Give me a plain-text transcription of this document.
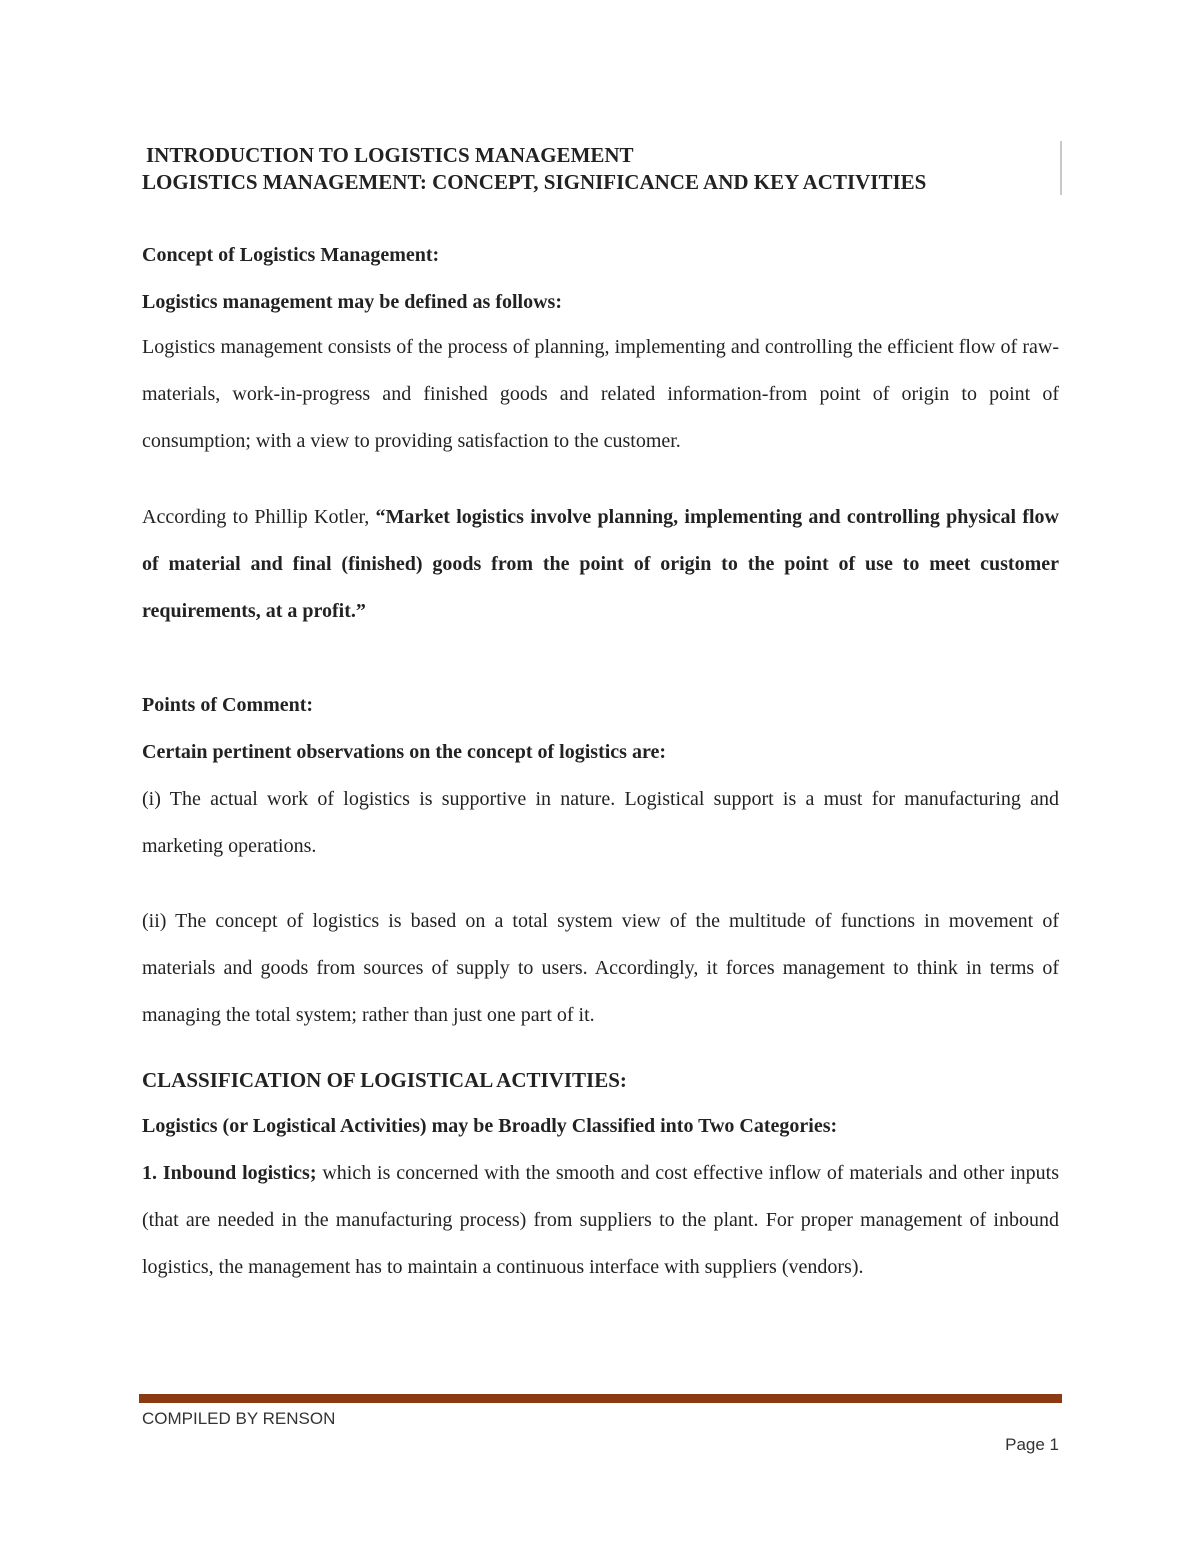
INTRODUCTION TO LOGISTICS MANAGEMENT

LOGISTICS MANAGEMENT: CONCEPT, SIGNIFICANCE AND KEY ACTIVITIES

Concept of Logistics Management:

Logistics management may be defined as follows:

Logistics management consists of the process of planning, implementing and controlling the efficient flow of raw-materials, work-in-progress and finished goods and related information-from point of origin to point of consumption; with a view to providing satisfaction to the customer.

According to Phillip Kotler, “Market logistics involve planning, implementing and controlling physical flow of material and final (finished) goods from the point of origin to the point of use to meet customer requirements, at a profit.”

Points of Comment:

Certain pertinent observations on the concept of logistics are:

(i) The actual work of logistics is supportive in nature. Logistical support is a must for manufacturing and marketing operations.

(ii) The concept of logistics is based on a total system view of the multitude of functions in movement of materials and goods from sources of supply to users. Accordingly, it forces management to think in terms of managing the total system; rather than just one part of it.

CLASSIFICATION OF LOGISTICAL ACTIVITIES:

Logistics (or Logistical Activities) may be Broadly Classified into Two Categories:

1. Inbound logistics; which is concerned with the smooth and cost effective inflow of materials and other inputs (that are needed in the manufacturing process) from suppliers to the plant. For proper management of inbound logistics, the management has to maintain a continuous interface with suppliers (vendors).

COMPILED BY RENSON
Page 1
